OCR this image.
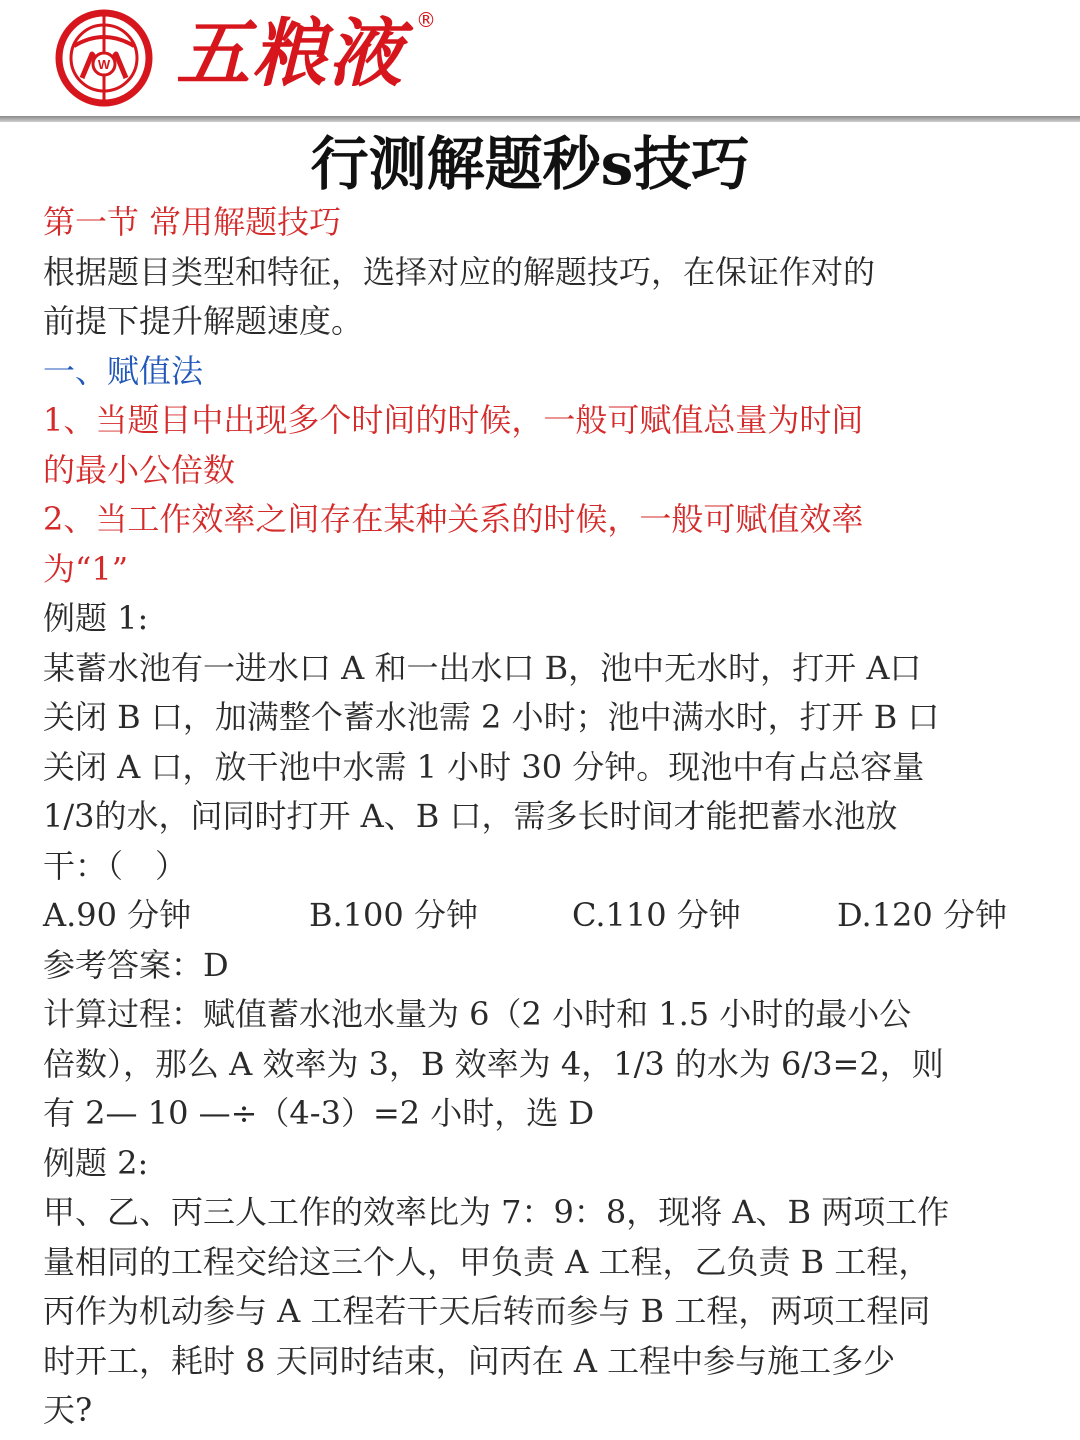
W 五粮液 ®
行测解题秒s技巧
第一节 常用解题技巧
根据题目类型和特征，选择对应的解题技巧，在保证作对的
前提下提升解题速度。
一、赋值法
1、当题目中出现多个时间的时候，一般可赋值总量为时间
的最小公倍数
2、当工作效率之间存在某种关系的时候，一般可赋值效率
为“1”
例题 1:
某蓄水池有一进水口 A 和一出水口 B，池中无水时，打开 A口
关闭 B 口，加满整个蓄水池需 2 小时；池中满水时，打开 B 口
关闭 A 口，放干池中水需 1 小时 30 分钟。现池中有占总容量
1/3的水，问同时打开 A、B 口，需多长时间才能把蓄水池放
干：（　）
A.90 分钟	B.100 分钟	C.110 分钟	D.120 分钟
参考答案：D
计算过程：赋值蓄水池水量为 6（2 小时和 1.5 小时的最小公
倍数），那么 A 效率为 3，B 效率为 4，1/3 的水为 6/3=2，则
有 2— 10 —÷（4-3）=2 小时，选 D
例题 2:
甲、乙、丙三人工作的效率比为 7：9：8，现将 A、B 两项工作
量相同的工程交给这三个人，甲负责 A 工程，乙负责 B 工程，
丙作为机动参与 A 工程若干天后转而参与 B 工程，两项工程同
时开工，耗时 8 天同时结束，问丙在 A 工程中参与施工多少
天?
